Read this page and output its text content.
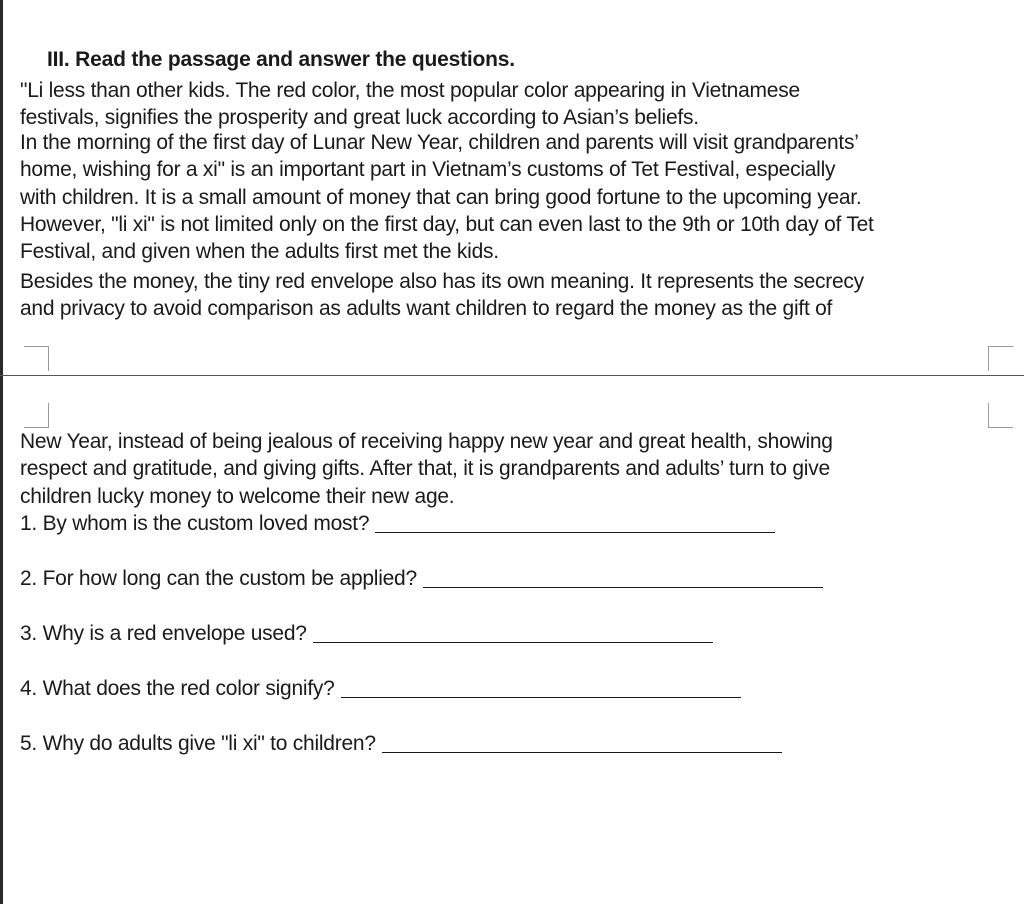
III. Read the passage and answer the questions.
"Li less than other kids. The red color, the most popular color appearing in Vietnamese
festivals, signifies the prosperity and great luck according to Asian’s beliefs.
In the morning of the first day of Lunar New Year, children and parents will visit grandparents’
home, wishing for a xi" is an important part in Vietnam’s customs of Tet Festival, especially
with children. It is a small amount of money that can bring good fortune to the upcoming year.
However, "li xi" is not limited only on the first day, but can even last to the 9th or 10th day of Tet
Festival, and given when the adults first met the kids.
Besides the money, the tiny red envelope also has its own meaning. It represents the secrecy
and privacy to avoid comparison as adults want children to regard the money as the gift of
New Year, instead of being jealous of receiving happy new year and great health, showing
respect and gratitude, and giving gifts. After that, it is grandparents and adults’ turn to give
children lucky money to welcome their new age.
1. By whom is the custom loved most?
2. For how long can the custom be applied?
3. Why is a red envelope used?
4. What does the red color signify?
5. Why do adults give "li xi" to children?
